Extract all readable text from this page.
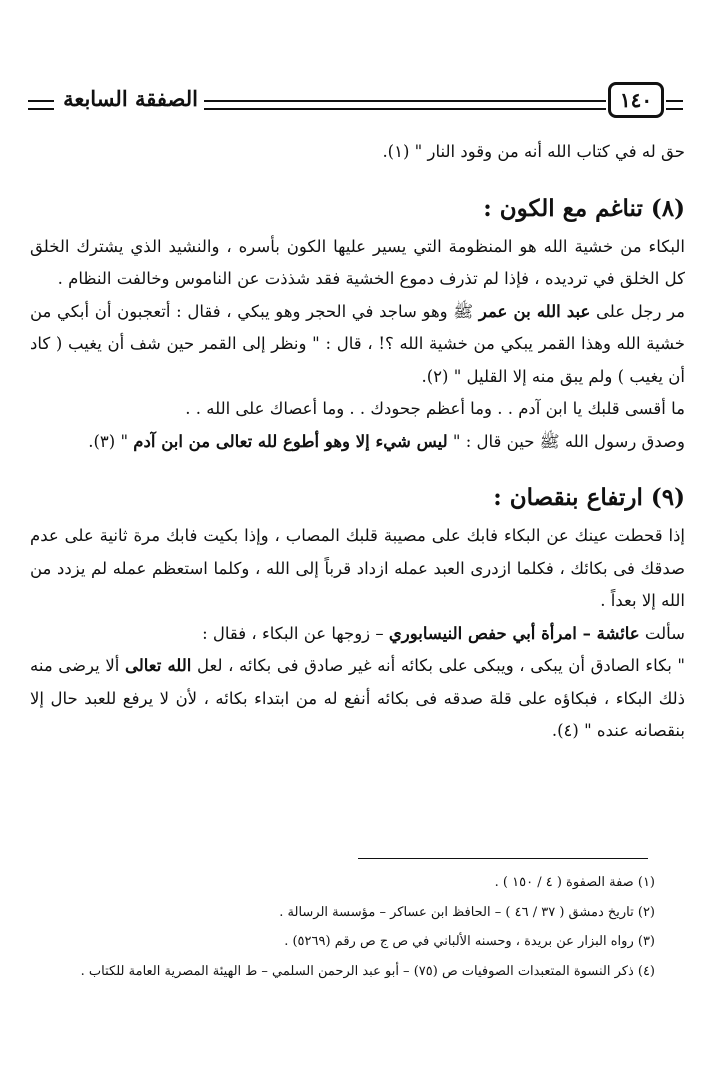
الصفقة السابعة	١٤٠

حق له في كتاب الله أنه من وقود النار " (١).

(٨) تناغم مع الكون :

البكاء من خشية الله هو المنظومة التي يسير عليها الكون بأسره ، والنشيد الذي يشترك الخلق كل الخلق في ترديده ، فإذا لم تذرف دموع الخشية فقد شذذت عن الناموس وخالفت النظام .

مر رجل على عبد الله بن عمر ﷺ وهو ساجد في الحجر وهو يبكي ، فقال : أتعجبون أن أبكي من خشية الله وهذا القمر يبكي من خشية الله ؟! ، قال : " ونظر إلى القمر حين شف أن يغيب ( كاد أن يغيب ) ولم يبق منه إلا القليل " (٢).

ما أقسى قلبك يا ابن آدم . . وما أعظم جحودك . . وما أعصاك على الله . .

وصدق رسول الله ﷺ حين قال : " ليس شيء إلا وهو أطوع لله تعالى من ابن آدم " (٣).

(٩) ارتفاع بنقصان :

إذا قحطت عينك عن البكاء فابك على مصيبة قلبك المصاب ، وإذا بكيت فابك مرة ثانية على عدم صدقك فى بكائك ، فكلما ازدرى العبد عمله ازداد قرباً إلى الله ، وكلما استعظم عمله لم يزدد من الله إلا بعداً .

سألت عائشة – امرأة أبي حفص النيسابوري – زوجها عن البكاء ، فقال :

" بكاء الصادق أن يبكى ، ويبكى على بكائه أنه غير صادق فى بكائه ، لعل الله تعالى ألا يرضى منه ذلك البكاء ، فبكاؤه على قلة صدقه فى بكائه أنفع له من ابتداء بكائه ، لأن لا يرفع للعبد حال إلا بنقصانه عنده " (٤).

(١) صفة الصفوة ( ٤ / ١٥٠ ) .

(٢) تاريخ دمشق ( ٣٧ / ٤٦ ) – الحافظ ابن عساكر – مؤسسة الرسالة .

(٣) رواه البزار عن بريدة ، وحسنه الألباني في ص ج ص رقم (٥٢٦٩) .

(٤) ذكر النسوة المتعبدات الصوفيات ص (٧٥) – أبو عبد الرحمن السلمي – ط الهيئة المصرية العامة للكتاب .
